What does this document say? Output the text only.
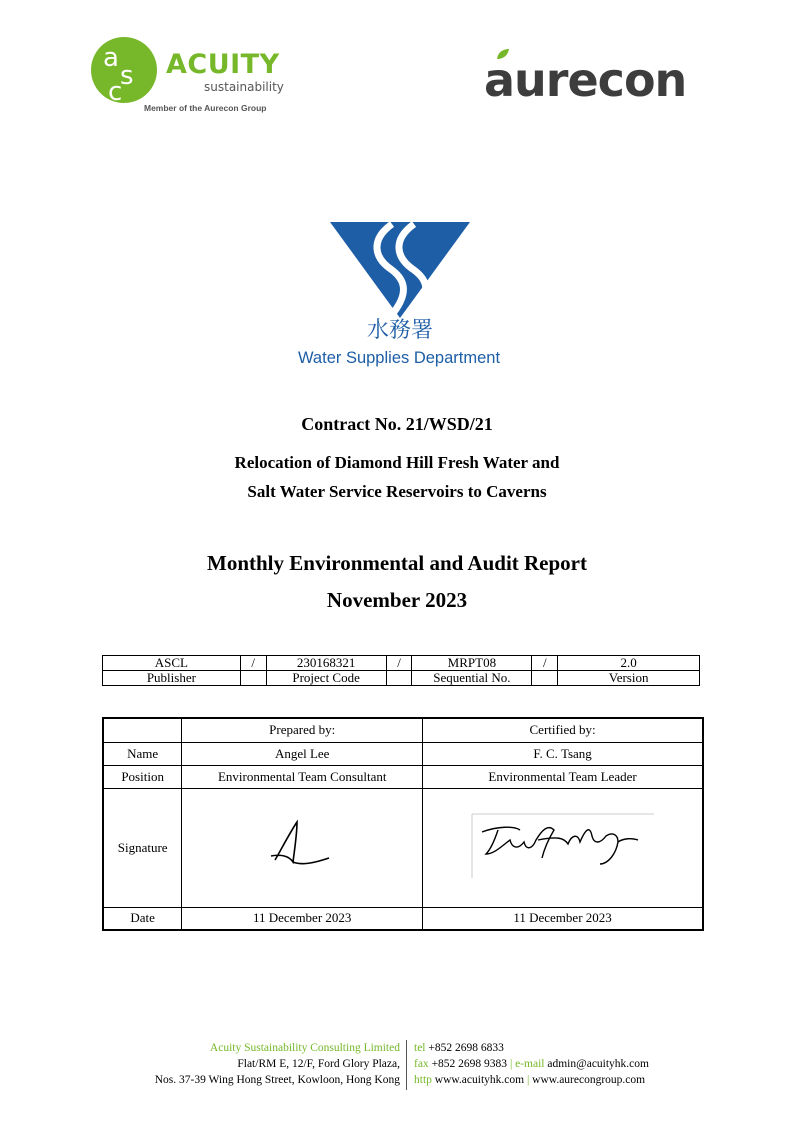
a
s
c
ACUITY
sustainability
Member of the Aurecon Group
aurecon
水務署
Water Supplies Department
Contract No. 21/WSD/21
Relocation of Diamond Hill Fresh Water and
Salt Water Service Reservoirs to Caverns
Monthly Environmental and Audit Report
November 2023
ASCL	/	230168321	/	MRPT08	/	2.0
Publisher		Project Code		Sequential No.		Version
	Prepared by:	Certified by:
Name	Angel Lee	F. C. Tsang
Position	Environmental Team Consultant	Environmental Team Leader
Signature		
Date	11 December 2023	11 December 2023
Acuity Sustainability Consulting Limited
Flat/RM E, 12/F, Ford Glory Plaza,
Nos. 37-39 Wing Hong Street, Kowloon, Hong Kong
tel +852 2698 6833
fax +852 2698 9383 | e-mail admin@acuityhk.com
http www.acuityhk.com | www.aurecongroup.com
